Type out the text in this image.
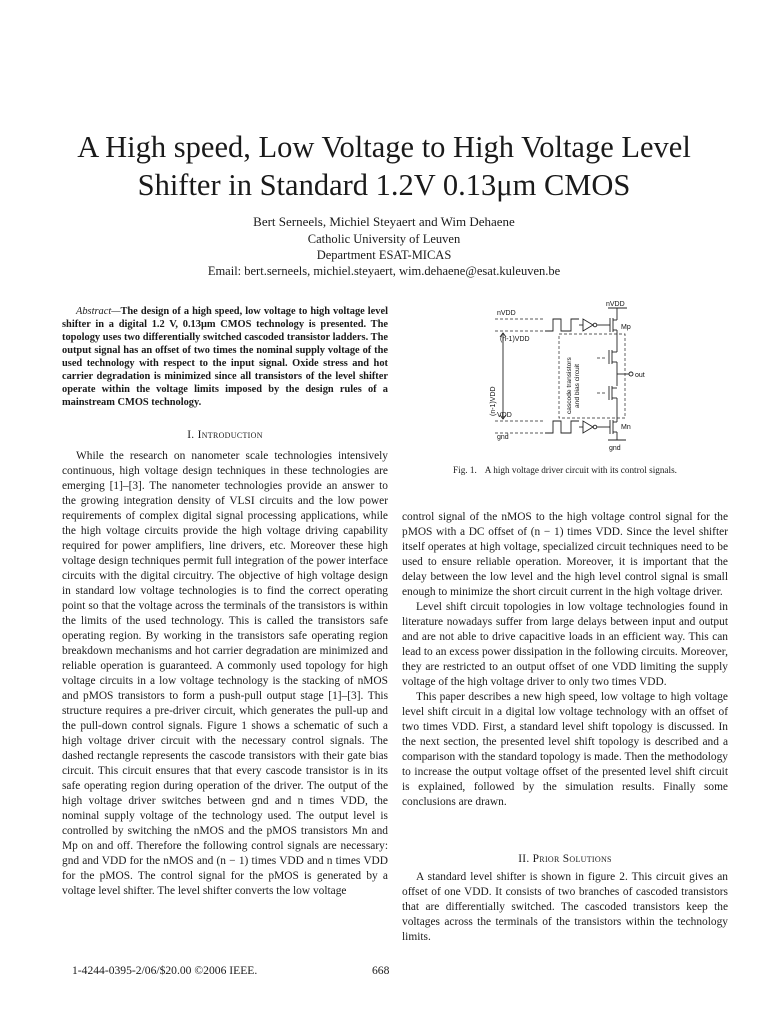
A High speed, Low Voltage to High Voltage Level
Shifter in Standard 1.2V 0.13μm CMOS
Bert Serneels, Michiel Steyaert and Wim Dehaene
Catholic University of Leuven
Department ESAT-MICAS
Email: bert.serneels, michiel.steyaert, wim.dehaene@esat.kuleuven.be
Abstract—The design of a high speed, low voltage to high voltage level shifter in a digital 1.2 V, 0.13μm CMOS technology is presented. The topology uses two differentially switched cascoded transistor ladders. The output signal has an offset of two times the nominal supply voltage of the used technology with respect to the input signal. Oxide stress and hot carrier degradation is minimized since all transistors of the level shifter operate within the voltage limits imposed by the design rules of a mainstream CMOS technology.
I. Introduction

While the research on nanometer scale technologies intensively continuous, high voltage design techniques in these technologies are emerging [1]–[3]. The nanometer technologies provide an answer to the growing integration density of VLSI circuits and the low power requirements of complex digital signal processing applications, while the high voltage circuits provide the high voltage driving capability required for power amplifiers, line drivers, etc. Moreover these high voltage design techniques permit full integration of the power interface circuits with the digital circuitry. The objective of high voltage design in standard low voltage technologies is to find the correct operating point so that the voltage across the terminals of the transistors is within the limits of the used technology. This is called the transistors safe operating region. By working in the transistors safe operating region breakdown mechanisms and hot carrier degradation are minimized and reliable operation is guaranteed. A commonly used topology for high voltage circuits in a low voltage technology is the stacking of nMOS and pMOS transistors to form a push-pull output stage [1]–[3]. This structure requires a pre-driver circuit, which generates the pull-up and the pull-down control signals. Figure 1 shows a schematic of such a high voltage driver circuit with the necessary control signals. The dashed rectangle represents the cascode transistors with their gate bias circuit. This circuit ensures that that every cascode transistor is in its safe operating region during operation of the driver. The output of the high voltage driver switches between gnd and n times VDD, the nominal supply voltage of the technology used. The output level is controlled by switching the nMOS and the pMOS transistors Mn and Mp on and off. Therefore the following control signals are necessary: gnd and VDD for the nMOS and (n − 1) times VDD and n times VDD for the pMOS. The control signal for the pMOS is generated by a voltage level shifter. The level shifter converts the low voltage

nVDD
(n-1)VDD
VDD
gnd
nVDD
Mp
Mn
out
gnd
(n-1)VDD	cascode transistors and bias circuit
Fig. 1. A high voltage driver circuit with its control signals.

control signal of the nMOS to the high voltage control signal for the pMOS with a DC offset of (n − 1) times VDD. Since the level shifter itself operates at high voltage, specialized circuit techniques need to be used to ensure reliable operation. Moreover, it is important that the delay between the low level and the high level control signal is small enough to minimize the short circuit current in the high voltage driver.

Level shift circuit topologies in low voltage technologies found in literature nowadays suffer from large delays between input and output and are not able to drive capacitive loads in an efficient way. This can lead to an excess power dissipation in the following circuits. Moreover, they are restricted to an output offset of one VDD limiting the supply voltage of the high voltage driver to only two times VDD.

This paper describes a new high speed, low voltage to high voltage level shift circuit in a digital low voltage technology with an offset of two times VDD. First, a standard level shift topology is discussed. In the next section, the presented level shift topology is described and a comparison with the standard topology is made. Then the methodology to increase the output voltage offset of the presented level shift circuit is explained, followed by the simulation results. Finally some conclusions are drawn.

II. Prior Solutions

A standard level shifter is shown in figure 2. This circuit gives an offset of one VDD. It consists of two branches of cascoded transistors that are differentially switched. The cascoded transistors keep the voltages across the terminals of the transistors within the technology limits.

1-4244-0395-2/06/$20.00 ©2006 IEEE.	668
